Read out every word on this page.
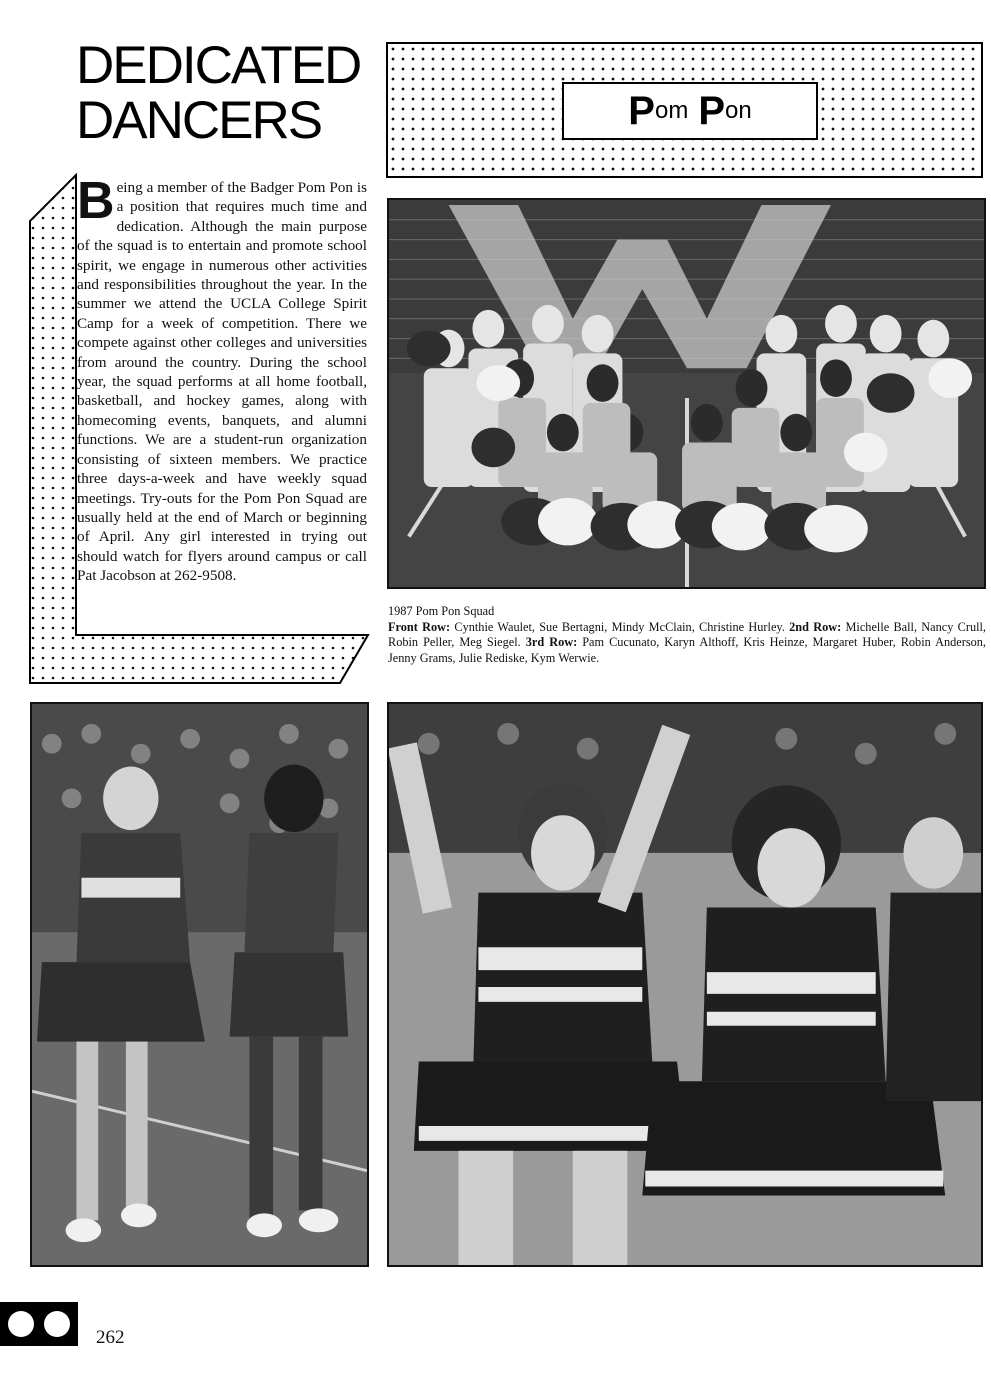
DEDICATED
DANCERS	P om P on
Being a member of the Badger Pom Pon is a position that requires much time and dedication. Although the main purpose of the squad is to entertain and promote school spirit, we engage in numerous other activities and responsibilities throughout the year. In the summer we attend the UCLA College Spirit Camp for a week of competition. There we compete against other colleges and universities from around the country. During the school year, the squad performs at all home football, basketball, and hockey games, along with homecoming events, banquets, and alumni functions. We are a student-run organization consisting of sixteen members. We practice three days-a-week and have weekly squad meetings. Try-outs for the Pom Pon Squad are usually held at the end of March or beginning of April. Any girl interested in trying out should watch for flyers around campus or call Pat Jacobson at 262-9508.
1987 Pom Pon Squad
Front Row: Cynthie Waulet, Sue Bertagni, Mindy McClain, Christine Hurley. 2nd Row: Michelle Ball, Nancy Crull, Robin Peller, Meg Siegel. 3rd Row: Pam Cucunato, Karyn Althoff, Kris Heinze, Margaret Huber, Robin Anderson, Jenny Grams, Julie Rediske, Kym Werwie.
262
